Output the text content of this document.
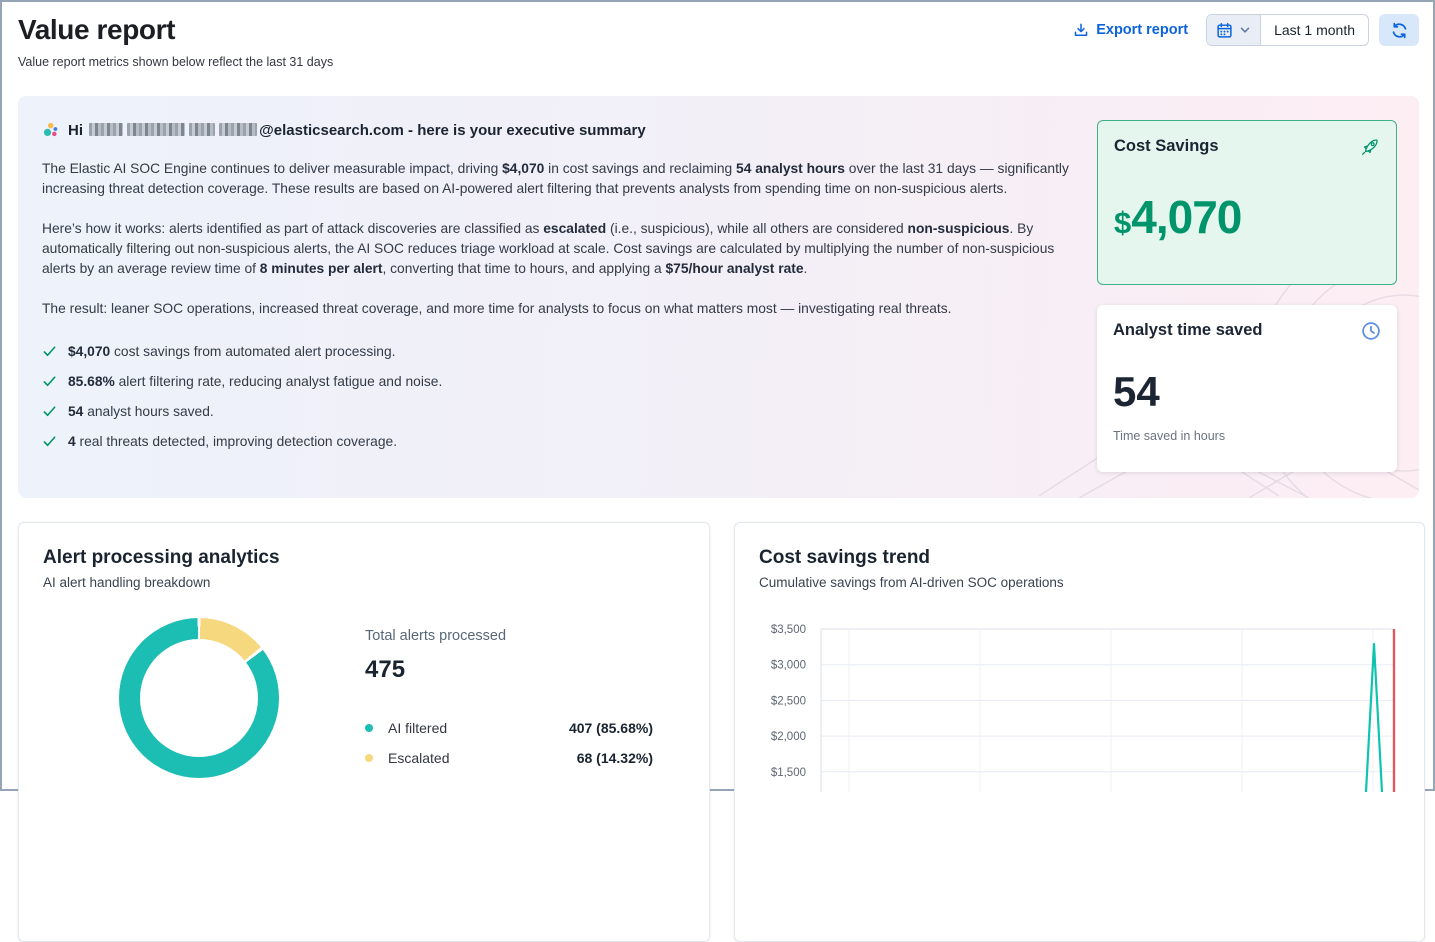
Value report

Value report metrics shown below reflect the last 31 days

Export report	Last 1 month
Hi	@elasticsearch.com - here is your executive summary

The Elastic AI SOC Engine continues to deliver measurable impact, driving $4,070 in cost savings and reclaiming 54 analyst hours over the last 31 days — significantly increasing threat detection coverage. These results are based on AI-powered alert filtering that prevents analysts from spending time on non-suspicious alerts.

Here’s how it works: alerts identified as part of attack discoveries are classified as escalated (i.e., suspicious), while all others are considered non-suspicious. By automatically filtering out non-suspicious alerts, the AI SOC reduces triage workload at scale. Cost savings are calculated by multiplying the number of non-suspicious alerts by an average review time of 8 minutes per alert, converting that time to hours, and applying a $75/hour analyst rate.

The result: leaner SOC operations, increased threat coverage, and more time for analysts to focus on what matters most — investigating real threats.

$4,070 cost savings from automated alert processing.
85.68% alert filtering rate, reducing analyst fatigue and noise.
54 analyst hours saved.
4 real threats detected, improving detection coverage.
Cost Savings
$4,070
Analyst time saved
54
Time saved in hours
Alert processing analytics

AI alert handling breakdown

Total alerts processed
475
AI filtered	407 (85.68%)
Escalated	68 (14.32%)
Cost savings trend

Cumulative savings from AI-driven SOC operations

$3,500
$3,000
$2,500
$2,000
$1,500
